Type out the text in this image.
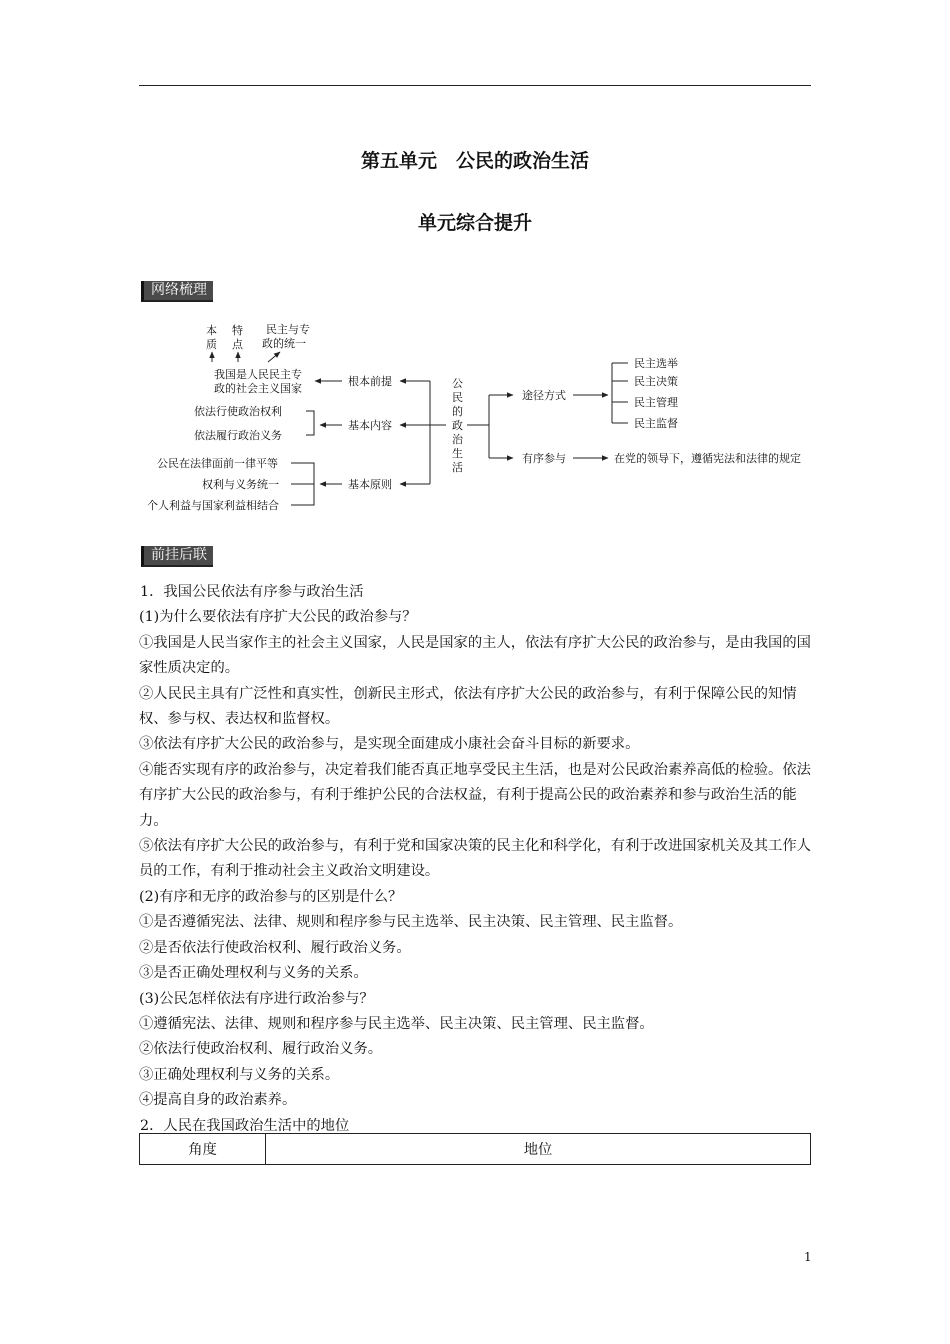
第五单元　公民的政治生活
单元综合提升
网络梳理
公
民
的
政
治
生
活
根本前提
基本内容
基本原则
我国是人民民主专
政的社会主义国家
本
质
特
点
民主与专
政的统一
依法行使政治权利
依法履行政治义务
公民在法律面前一律平等
权利与义务统一
个人利益与国家利益相结合
途径方式
有序参与
民主选举
民主决策
民主管理
民主监督
在党的领导下，遵循宪法和法律的规定
前挂后联

1．我国公民依法有序参与政治生活

(1)为什么要依法有序扩大公民的政治参与？

①我国是人民当家作主的社会主义国家，人民是国家的主人，依法有序扩大公民的政治参与，是由我国的国家性质决定的。

②人民民主具有广泛性和真实性，创新民主形式，依法有序扩大公民的政治参与，有利于保障公民的知情权、参与权、表达权和监督权。

③依法有序扩大公民的政治参与，是实现全面建成小康社会奋斗目标的新要求。

④能否实现有序的政治参与，决定着我们能否真正地享受民主生活，也是对公民政治素养高低的检验。依法有序扩大公民的政治参与，有利于维护公民的合法权益，有利于提高公民的政治素养和参与政治生活的能力。

⑤依法有序扩大公民的政治参与，有利于党和国家决策的民主化和科学化，有利于改进国家机关及其工作人员的工作，有利于推动社会主义政治文明建设。

(2)有序和无序的政治参与的区别是什么？

①是否遵循宪法、法律、规则和程序参与民主选举、民主决策、民主管理、民主监督。

②是否依法行使政治权利、履行政治义务。

③是否正确处理权利与义务的关系。

(3)公民怎样依法有序进行政治参与？

①遵循宪法、法律、规则和程序参与民主选举、民主决策、民主管理、民主监督。

②依法行使政治权利、履行政治义务。

③正确处理权利与义务的关系。

④提高自身的政治素养。

2．人民在我国政治生活中的地位

角度	地位
1
